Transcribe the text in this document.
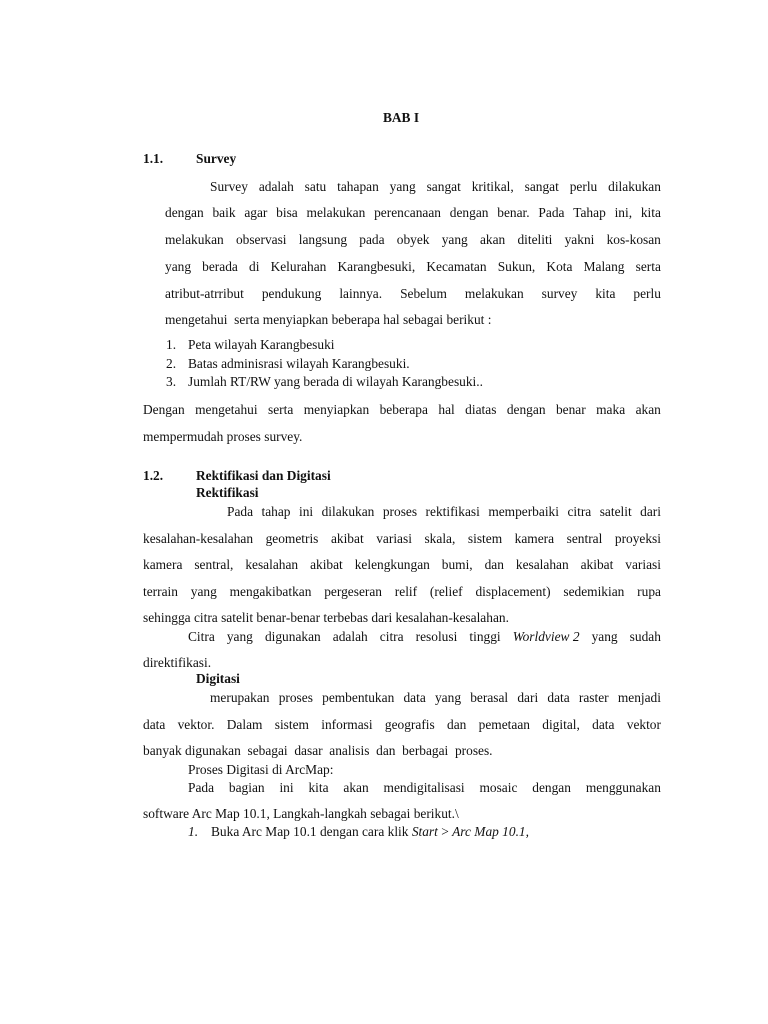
BAB I
1.1. Survey
Survey adalah satu tahapan yang sangat kritikal, sangat perlu dilakukan
dengan baik agar bisa melakukan perencanaan dengan benar. Pada Tahap ini, kita
melakukan observasi langsung pada obyek yang akan diteliti yakni kos-kosan
yang berada di Kelurahan Karangbesuki, Kecamatan Sukun, Kota Malang serta
atribut-atrribut pendukung lainnya. Sebelum melakukan survey kita perlu
mengetahui  serta menyiapkan beberapa hal sebagai berikut :
1. Peta wilayah Karangbesuki
2. Batas adminisrasi wilayah Karangbesuki.
3. Jumlah RT/RW yang berada di wilayah Karangbesuki..
Dengan mengetahui serta menyiapkan beberapa hal diatas dengan benar maka akan
mempermudah proses survey.
1.2. Rektifikasi dan Digitasi
Rektifikasi
Pada tahap ini dilakukan proses rektifikasi memperbaiki citra satelit dari
kesalahan-kesalahan geometris akibat variasi skala, sistem kamera sentral proyeksi
kamera sentral, kesalahan akibat kelengkungan bumi, dan kesalahan akibat variasi
terrain yang mengakibatkan pergeseran relif (relief displacement) sedemikian rupa
sehingga citra satelit benar-benar terbebas dari kesalahan-kesalahan.
Citra yang digunakan adalah citra resolusi tinggi Worldview 2 yang sudah
direktifikasi.
Digitasi
merupakan proses pembentukan data yang berasal dari data raster menjadi
data vektor. Dalam sistem informasi geografis dan pemetaan digital, data vektor
banyak digunakan  sebagai  dasar  analisis  dan  berbagai  proses.
Proses Digitasi di ArcMap:
Pada bagian ini kita akan mendigitalisasi mosaic dengan menggunakan
software Arc Map 10.1, Langkah-langkah sebagai berikut.\
1. Buka Arc Map 10.1 dengan cara klik Start > Arc Map 10.1,
